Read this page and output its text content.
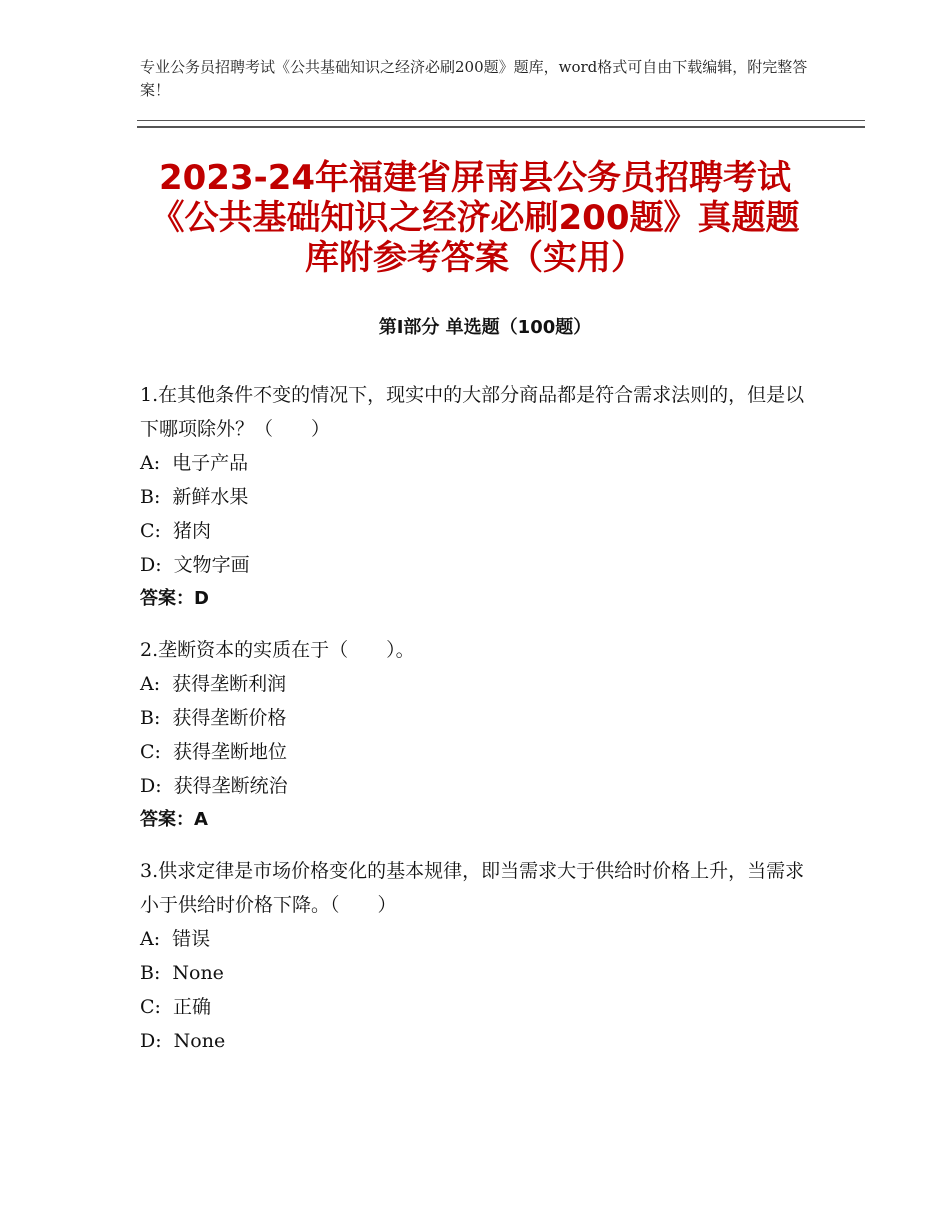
专业公务员招聘考试《公共基础知识之经济必刷200题》题库，word格式可自由下载编辑，附完整答案！
2023-24年福建省屏南县公务员招聘考试《公共基础知识之经济必刷200题》真题题库附参考答案（实用）
第Ⅰ部分 单选题（100题）

1.在其他条件不变的情况下，现实中的大部分商品都是符合需求法则的，但是以下哪项除外？（　　）

A: 电子产品

B: 新鲜水果

C: 猪肉

D: 文物字画

答案：D

2.垄断资本的实质在于（　　）。

A: 获得垄断利润

B: 获得垄断价格

C: 获得垄断地位

D: 获得垄断统治

答案：A

3.供求定律是市场价格变化的基本规律，即当需求大于供给时价格上升，当需求小于供给时价格下降。（　　）

A: 错误

B: None

C: 正确

D: None
